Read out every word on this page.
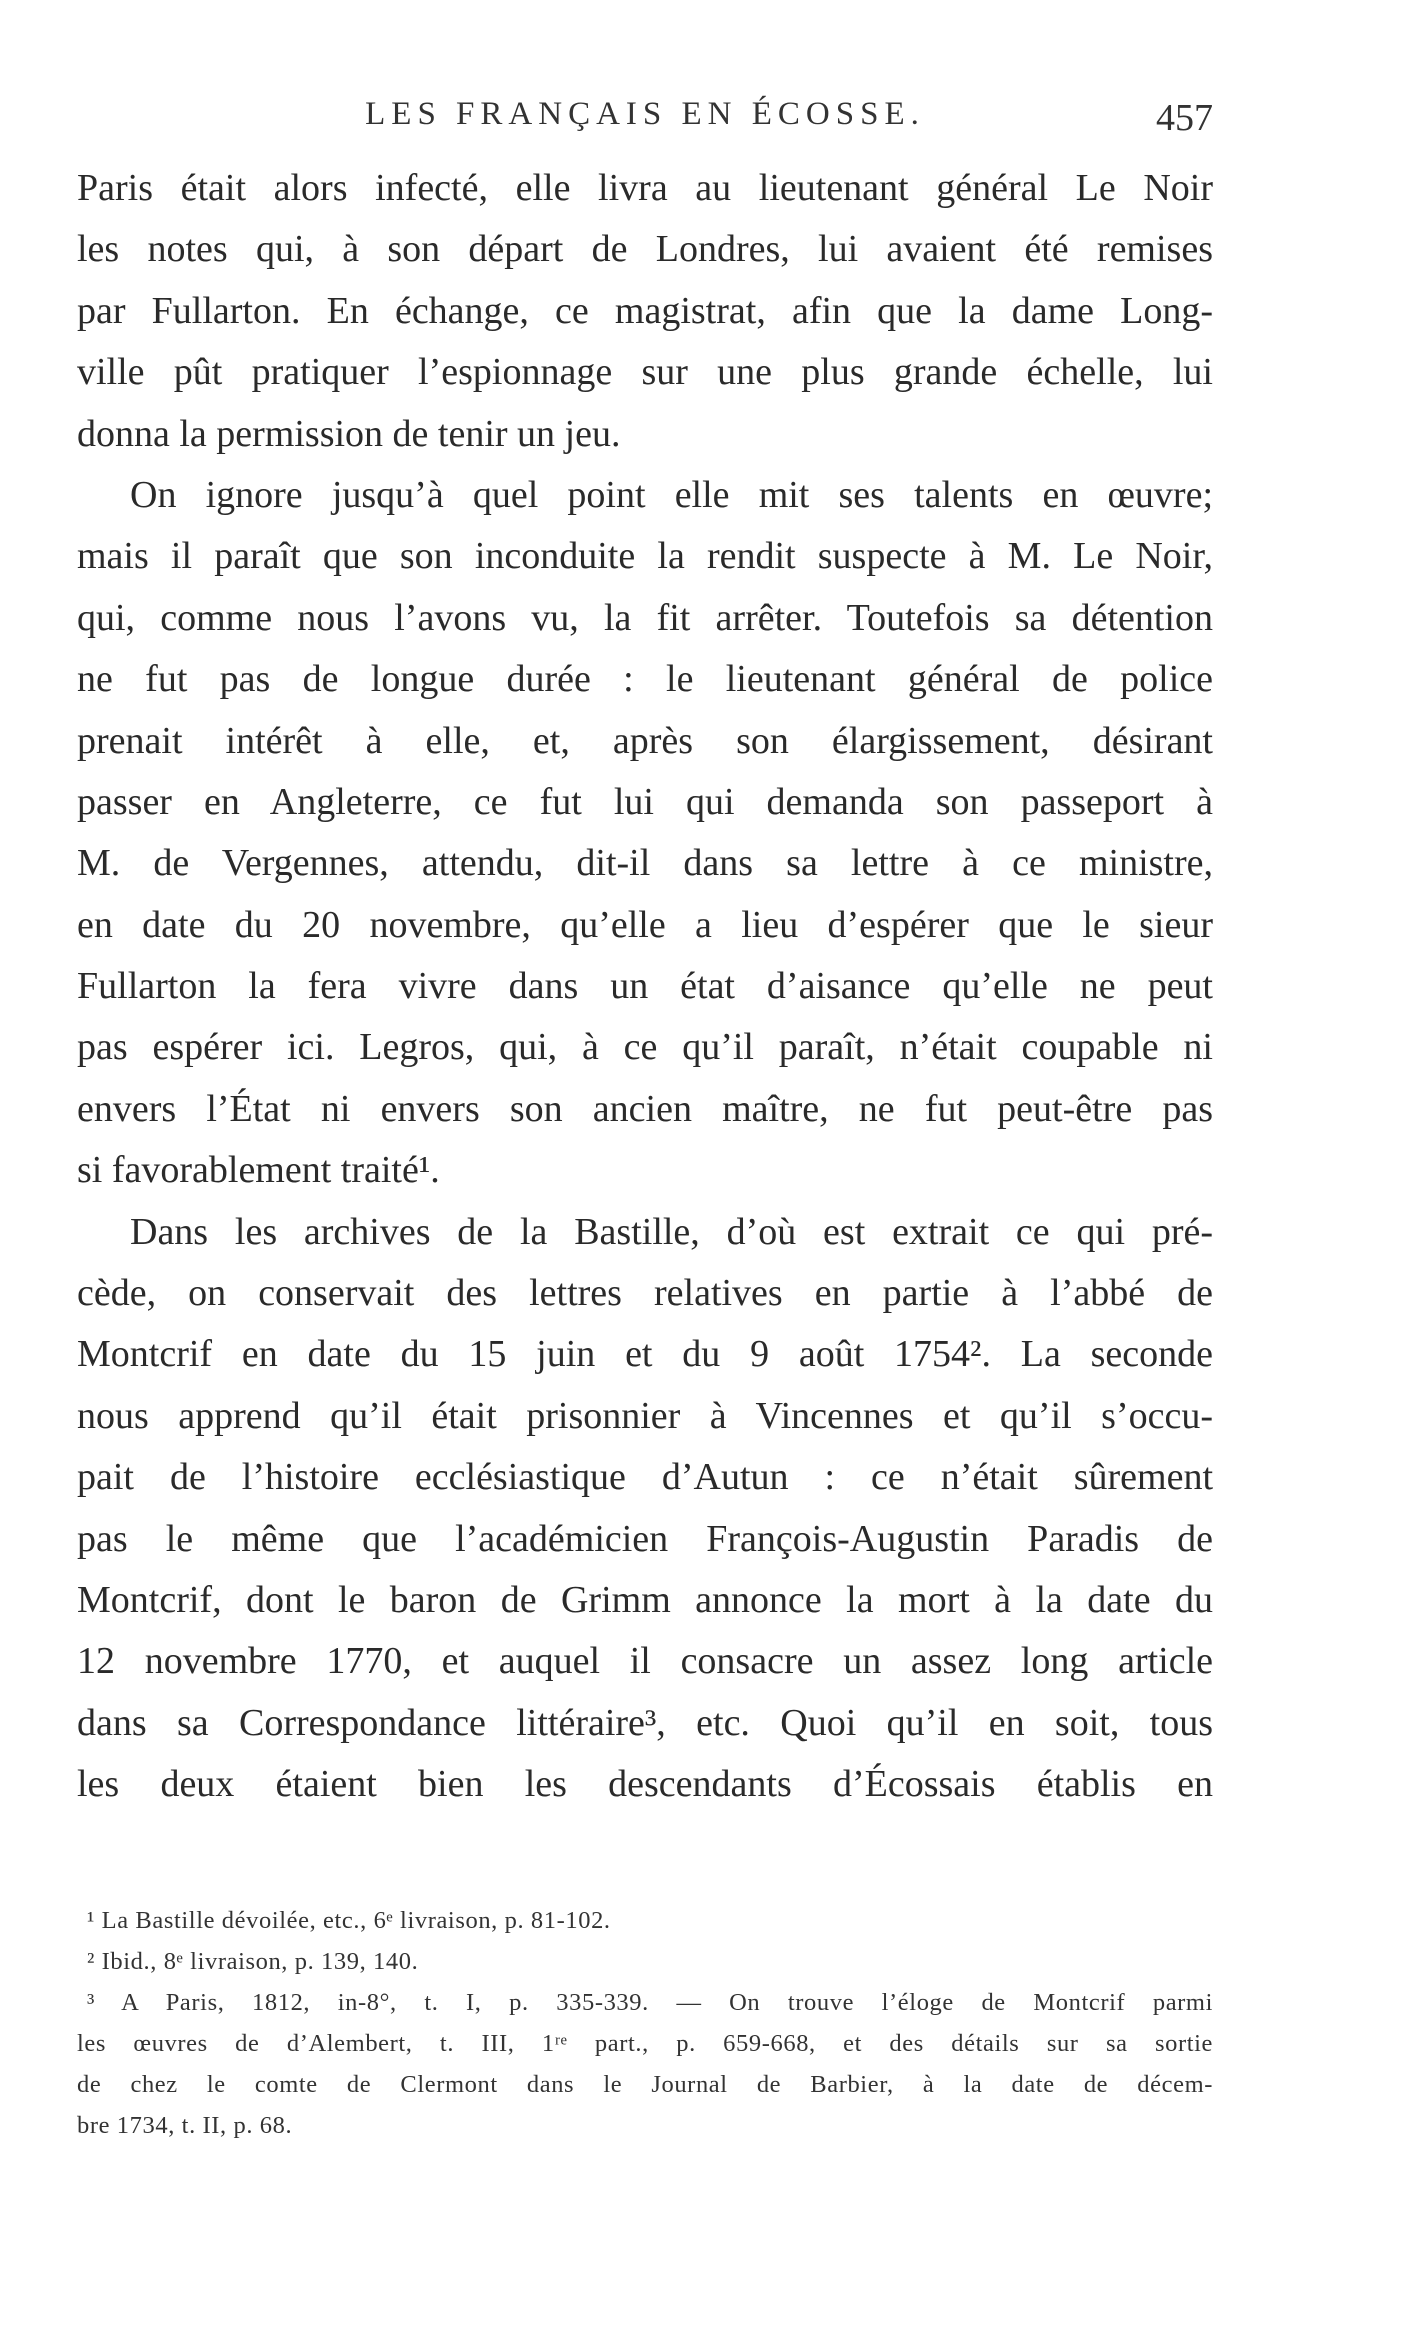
LES FRANÇAIS EN ÉCOSSE.	457
Paris était alors infecté, elle livra au lieutenant général Le Noir
les notes qui, à son départ de Londres, lui avaient été remises
par Fullarton. En échange, ce magistrat, afin que la dame Long-
ville pût pratiquer l’espionnage sur une plus grande échelle, lui
donna la permission de tenir un jeu.
On ignore jusqu’à quel point elle mit ses talents en œuvre;
mais il paraît que son inconduite la rendit suspecte à M. Le Noir,
qui, comme nous l’avons vu, la fit arrêter. Toutefois sa détention
ne fut pas de longue durée : le lieutenant général de police
prenait intérêt à elle, et, après son élargissement, désirant
passer en Angleterre, ce fut lui qui demanda son passeport à
M. de Vergennes, attendu, dit-il dans sa lettre à ce ministre,
en date du 20 novembre, qu’elle a lieu d’espérer que le sieur
Fullarton la fera vivre dans un état d’aisance qu’elle ne peut
pas espérer ici. Legros, qui, à ce qu’il paraît, n’était coupable ni
envers l’État ni envers son ancien maître, ne fut peut-être pas
si favorablement traité¹.
Dans les archives de la Bastille, d’où est extrait ce qui pré-
cède, on conservait des lettres relatives en partie à l’abbé de
Montcrif en date du 15 juin et du 9 août 1754². La seconde
nous apprend qu’il était prisonnier à Vincennes et qu’il s’occu-
pait de l’histoire ecclésiastique d’Autun : ce n’était sûrement
pas le même que l’académicien François-Augustin Paradis de
Montcrif, dont le baron de Grimm annonce la mort à la date du
12 novembre 1770, et auquel il consacre un assez long article
dans sa Correspondance littéraire³, etc. Quoi qu’il en soit, tous
les deux étaient bien les descendants d’Écossais établis en
¹ La Bastille dévoilée, etc., 6ᵉ livraison, p. 81-102.
² Ibid., 8ᵉ livraison, p. 139, 140.
³ A Paris, 1812, in-8°, t. I, p. 335-339. — On trouve l’éloge de Montcrif parmi
les œuvres de d’Alembert, t. III, 1ʳᵉ part., p. 659-668, et des détails sur sa sortie
de chez le comte de Clermont dans le Journal de Barbier, à la date de décem-
bre 1734, t. II, p. 68.
